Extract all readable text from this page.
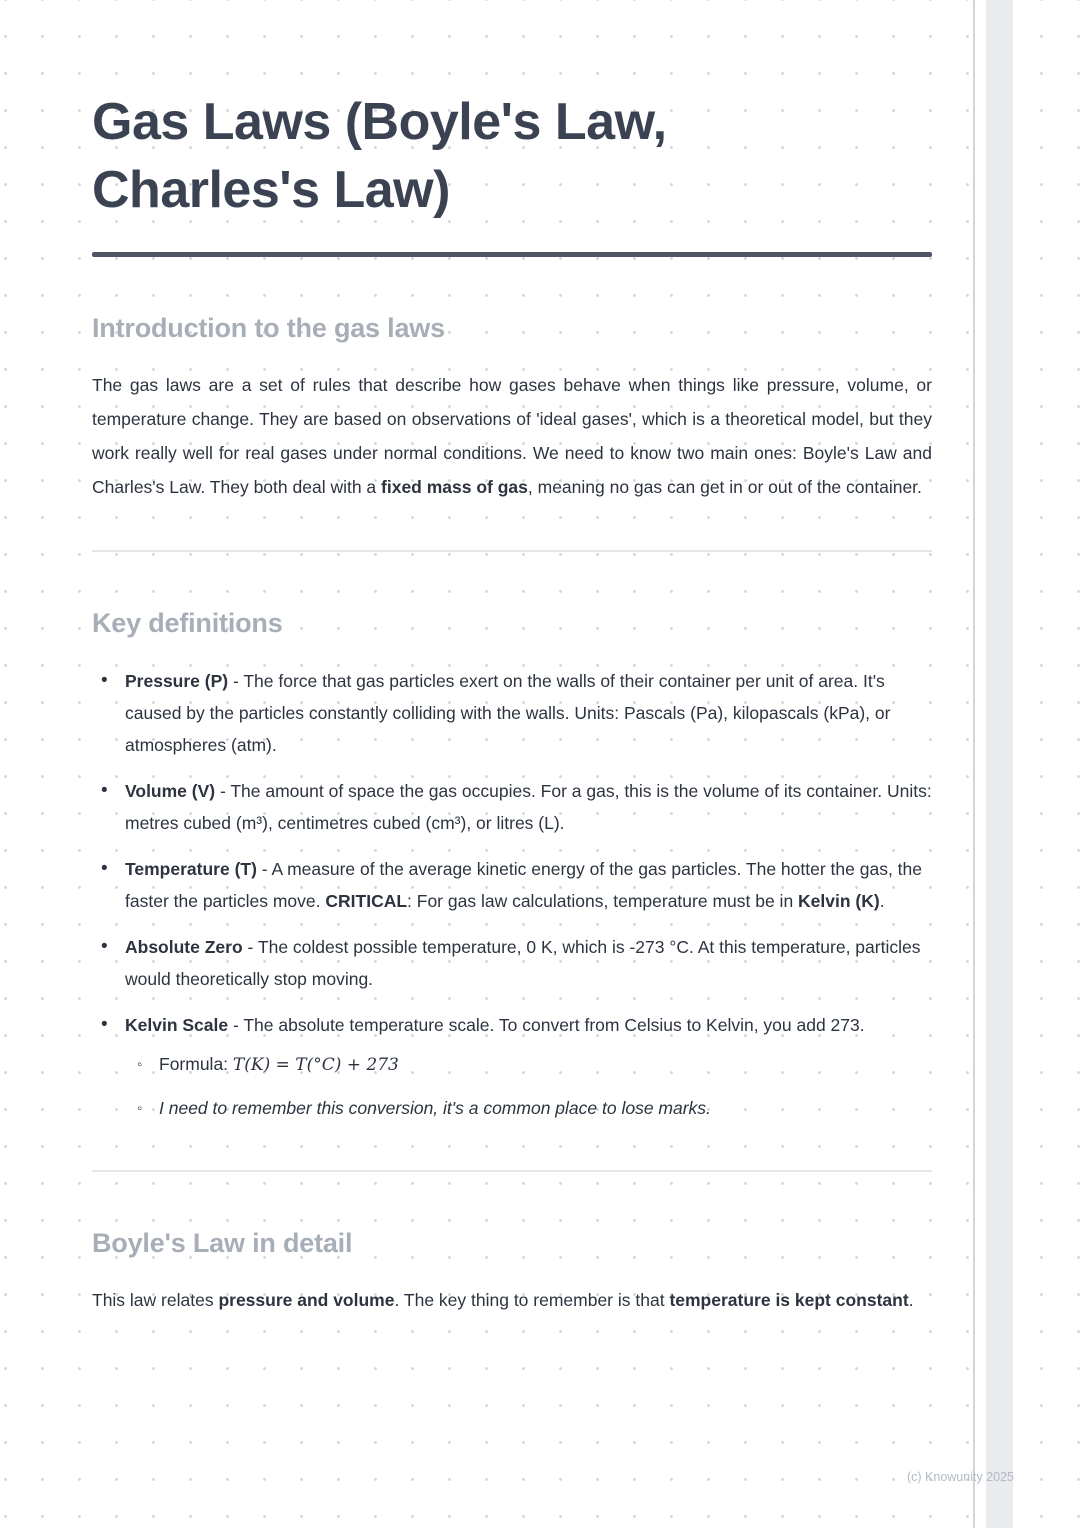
Gas Laws (Boyle's Law, Charles's Law)
Introduction to the gas laws

The gas laws are a set of rules that describe how gases behave when things like pressure, volume, or temperature change. They are based on observations of 'ideal gases', which is a theoretical model, but they work really well for real gases under normal conditions. We need to know two main ones: Boyle's Law and Charles's Law. They both deal with a fixed mass of gas, meaning no gas can get in or out of the container.

Key definitions
• Pressure (P) - The force that gas particles exert on the walls of their container per unit of area. It's caused by the particles constantly colliding with the walls. Units: Pascals (Pa), kilopascals (kPa), or atmospheres (atm).
• Volume (V) - The amount of space the gas occupies. For a gas, this is the volume of its container. Units: metres cubed (m³), centimetres cubed (cm³), or litres (L).
• Temperature (T) - A measure of the average kinetic energy of the gas particles. The hotter the gas, the faster the particles move. CRITICAL: For gas law calculations, temperature must be in Kelvin (K).
• Absolute Zero - The coldest possible temperature, 0 K, which is -273 °C. At this temperature, particles would theoretically stop moving.
• Kelvin Scale - The absolute temperature scale. To convert from Celsius to Kelvin, you add 273.
◦ Formula: T(K) = T(°C) + 273
◦ I need to remember this conversion, it's a common place to lose marks.
Boyle's Law in detail

This law relates pressure and volume. The key thing to remember is that temperature is kept constant.

(c) Knowunity 2025
